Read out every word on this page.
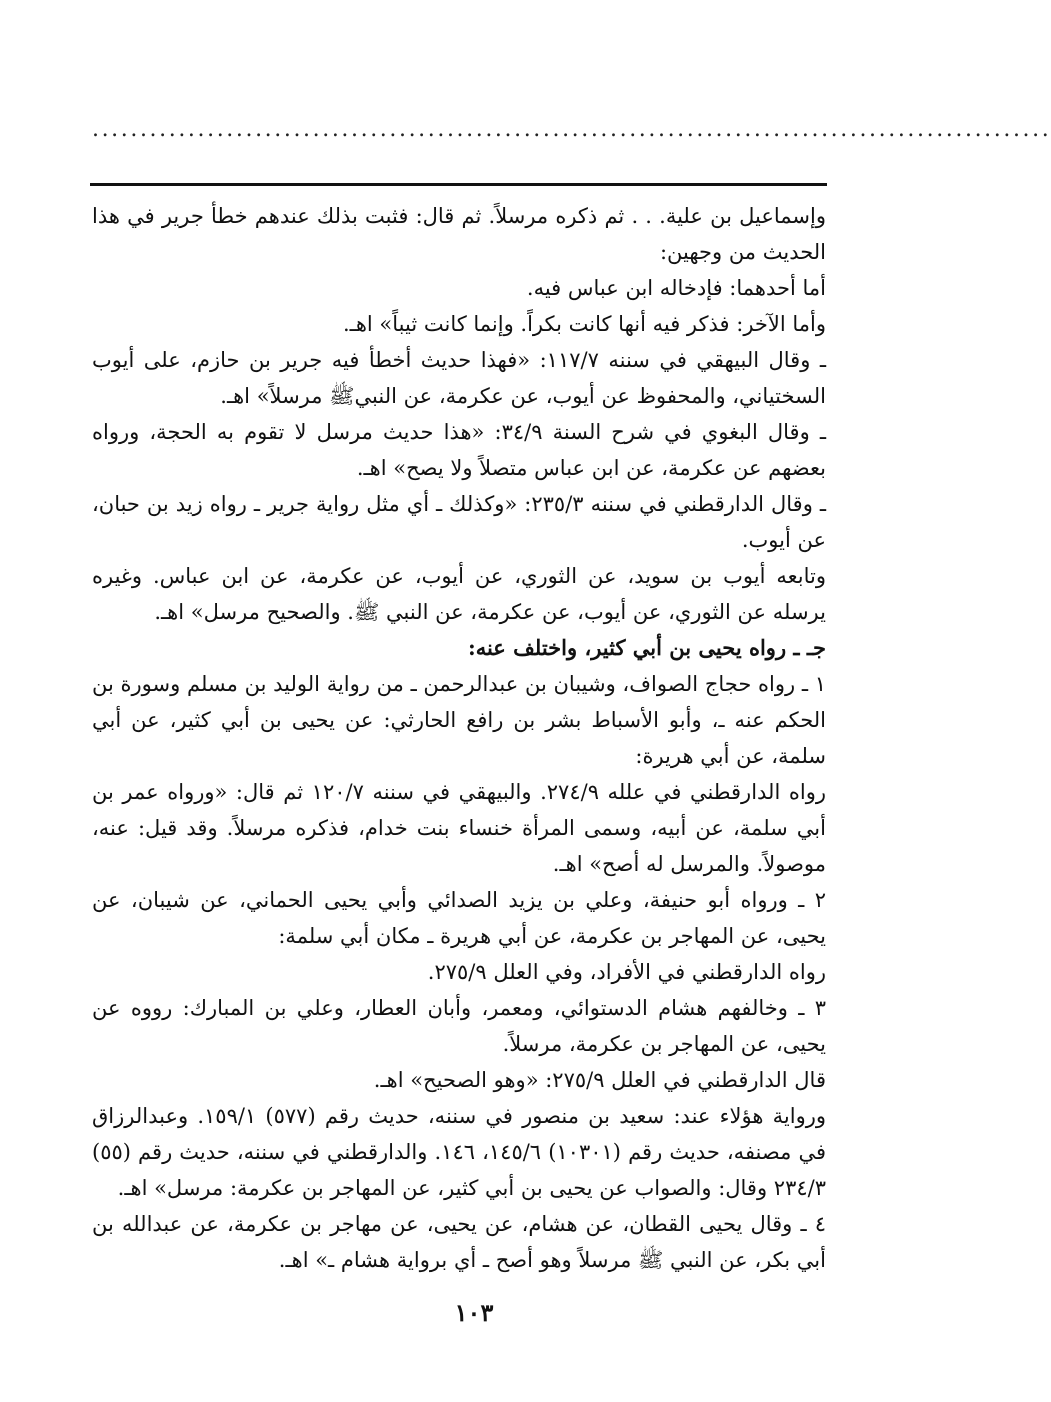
....................................................................................................

وإسماعيل بن علية. . . ثم ذكره مرسلاً. ثم قال: فثبت بذلك عندهم خطأ جرير في هذا الحديث من وجهين:

أما أحدهما: فإدخاله ابن عباس فيه.

وأما الآخر: فذكر فيه أنها كانت بكراً. وإنما كانت ثيباً» اهـ.

ـ وقال البيهقي في سننه ١١٧/٧: «فهذا حديث أخطأ فيه جرير بن حازم، على أيوب السختياني، والمحفوظ عن أيوب، عن عكرمة، عن النبيﷺ مرسلاً» اهـ.

ـ وقال البغوي في شرح السنة ٣٤/٩: «هذا حديث مرسل لا تقوم به الحجة، ورواه بعضهم عن عكرمة، عن ابن عباس متصلاً ولا يصح» اهـ.

ـ وقال الدارقطني في سننه ٢٣٥/٣: «وكذلك ـ أي مثل رواية جرير ـ رواه زيد بن حبان، عن أيوب.

وتابعه أيوب بن سويد، عن الثوري، عن أيوب، عن عكرمة، عن ابن عباس. وغيره يرسله عن الثوري، عن أيوب، عن عكرمة، عن النبي ﷺ. والصحيح مرسل» اهـ.

جـ ـ رواه يحيى بن أبي كثير، واختلف عنه:

١ ـ رواه حجاج الصواف، وشيبان بن عبدالرحمن ـ من رواية الوليد بن مسلم وسورة بن الحكم عنه ـ، وأبو الأسباط بشر بن رافع الحارثي: عن يحيى بن أبي كثير، عن أبي سلمة، عن أبي هريرة:

رواه الدارقطني في علله ٢٧٤/٩. والبيهقي في سننه ١٢٠/٧ ثم قال: «ورواه عمر بن أبي سلمة، عن أبيه، وسمى المرأة خنساء بنت خدام، فذكره مرسلاً. وقد قيل: عنه، موصولاً. والمرسل له أصح» اهـ.

٢ ـ ورواه أبو حنيفة، وعلي بن يزيد الصدائي وأبي يحيى الحماني، عن شيبان، عن يحيى، عن المهاجر بن عكرمة، عن أبي هريرة ـ مكان أبي سلمة:

رواه الدارقطني في الأفراد، وفي العلل ٢٧٥/٩.

٣ ـ وخالفهم هشام الدستوائي، ومعمر، وأبان العطار، وعلي بن المبارك: رووه عن يحيى، عن المهاجر بن عكرمة، مرسلاً.

قال الدارقطني في العلل ٢٧٥/٩: «وهو الصحيح» اهـ.

ورواية هؤلاء عند: سعيد بن منصور في سننه، حديث رقم (٥٧٧) ١٥٩/١. وعبدالرزاق في مصنفه، حديث رقم (١٠٣٠١) ١٤٥/٦، ١٤٦. والدارقطني في سننه، حديث رقم (٥٥) ٢٣٤/٣ وقال: والصواب عن يحيى بن أبي كثير، عن المهاجر بن عكرمة: مرسل» اهـ.

٤ ـ وقال يحيى القطان، عن هشام، عن يحيى، عن مهاجر بن عكرمة، عن عبدالله بن أبي بكر، عن النبي ﷺ مرسلاً وهو أصح ـ أي برواية هشام ـ» اهـ.

١٠٣
